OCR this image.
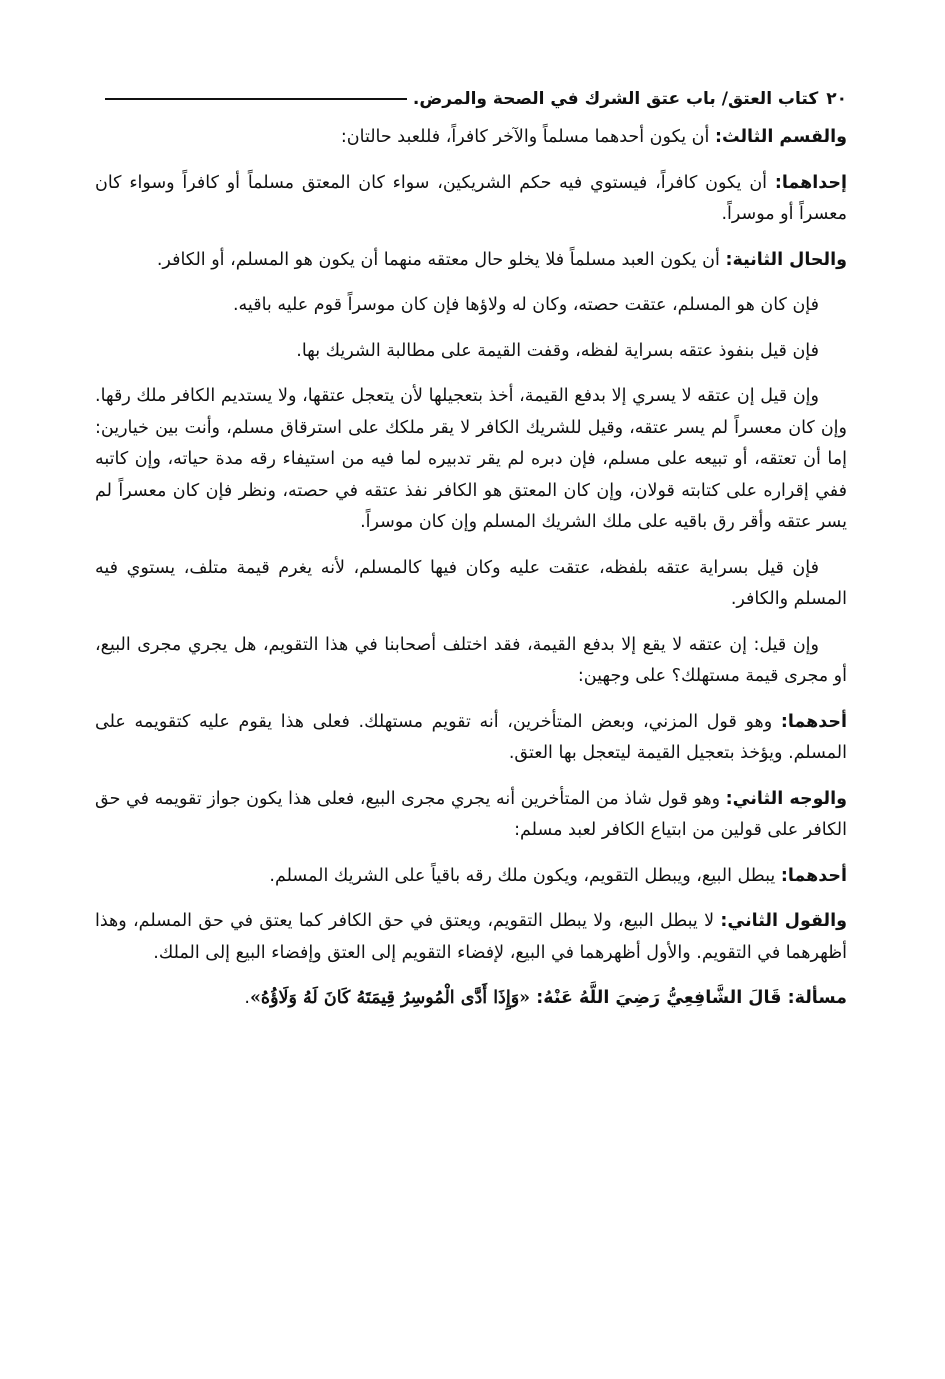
٢٠
كتاب العتق/ باب عتق الشرك في الصحة والمرض.

والقسم الثالث: أن يكون أحدهما مسلماً والآخر كافراً، فللعبد حالتان:

إحداهما: أن يكون كافراً، فيستوي فيه حكم الشريكين، سواء كان المعتق مسلماً أو كافراً وسواء كان معسراً أو موسراً.

والحال الثانية: أن يكون العبد مسلماً فلا يخلو حال معتقه منهما أن يكون هو المسلم، أو الكافر.

فإن كان هو المسلم، عتقت حصته، وكان له ولاؤها فإن كان موسراً قوم عليه باقيه.

فإن قيل بنفوذ عتقه بسراية لفظه، وقفت القيمة على مطالبة الشريك بها.

وإن قيل إن عتقه لا يسري إلا بدفع القيمة، أخذ بتعجيلها لأن يتعجل عتقها، ولا يستديم الكافر ملك رقها. وإن كان معسراً لم يسر عتقه، وقيل للشريك الكافر لا يقر ملكك على استرقاق مسلم، وأنت بين خيارين: إما أن تعتقه، أو تبيعه على مسلم، فإن دبره لم يقر تدبيره لما فيه من استيفاء رقه مدة حياته، وإن كاتبه ففي إقراره على كتابته قولان، وإن كان المعتق هو الكافر نفذ عتقه في حصته، ونظر فإن كان معسراً لم يسر عتقه وأقر رق باقيه على ملك الشريك المسلم وإن كان موسراً.

فإن قيل بسراية عتقه بلفظه، عتقت عليه وكان فيها كالمسلم، لأنه يغرم قيمة متلف، يستوي فيه المسلم والكافر.

وإن قيل: إن عتقه لا يقع إلا بدفع القيمة، فقد اختلف أصحابنا في هذا التقويم، هل يجري مجرى البيع، أو مجرى قيمة مستهلك؟ على وجهين:

أحدهما: وهو قول المزني، وبعض المتأخرين، أنه تقويم مستهلك. فعلى هذا يقوم عليه كتقويمه على المسلم. ويؤخذ بتعجيل القيمة ليتعجل بها العتق.

والوجه الثاني: وهو قول شاذ من المتأخرين أنه يجري مجرى البيع، فعلى هذا يكون جواز تقويمه في حق الكافر على قولين من ابتياع الكافر لعبد مسلم:

أحدهما: يبطل البيع، ويبطل التقويم، ويكون ملك رقه باقياً على الشريك المسلم.

والقول الثاني: لا يبطل البيع، ولا يبطل التقويم، ويعتق في حق الكافر كما يعتق في حق المسلم، وهذا أظهرهما في التقويم. والأول أظهرهما في البيع، لإفضاء التقويم إلى العتق وإفضاء البيع إلى الملك.

مسألة: قَالَ الشَّافِعِيُّ رَضِيَ اللَّهُ عَنْهُ: «وَإِذَا أَدَّى الْمُوسِرُ قِيمَتَهُ كَانَ لَهُ وَلَاؤُهُ».
